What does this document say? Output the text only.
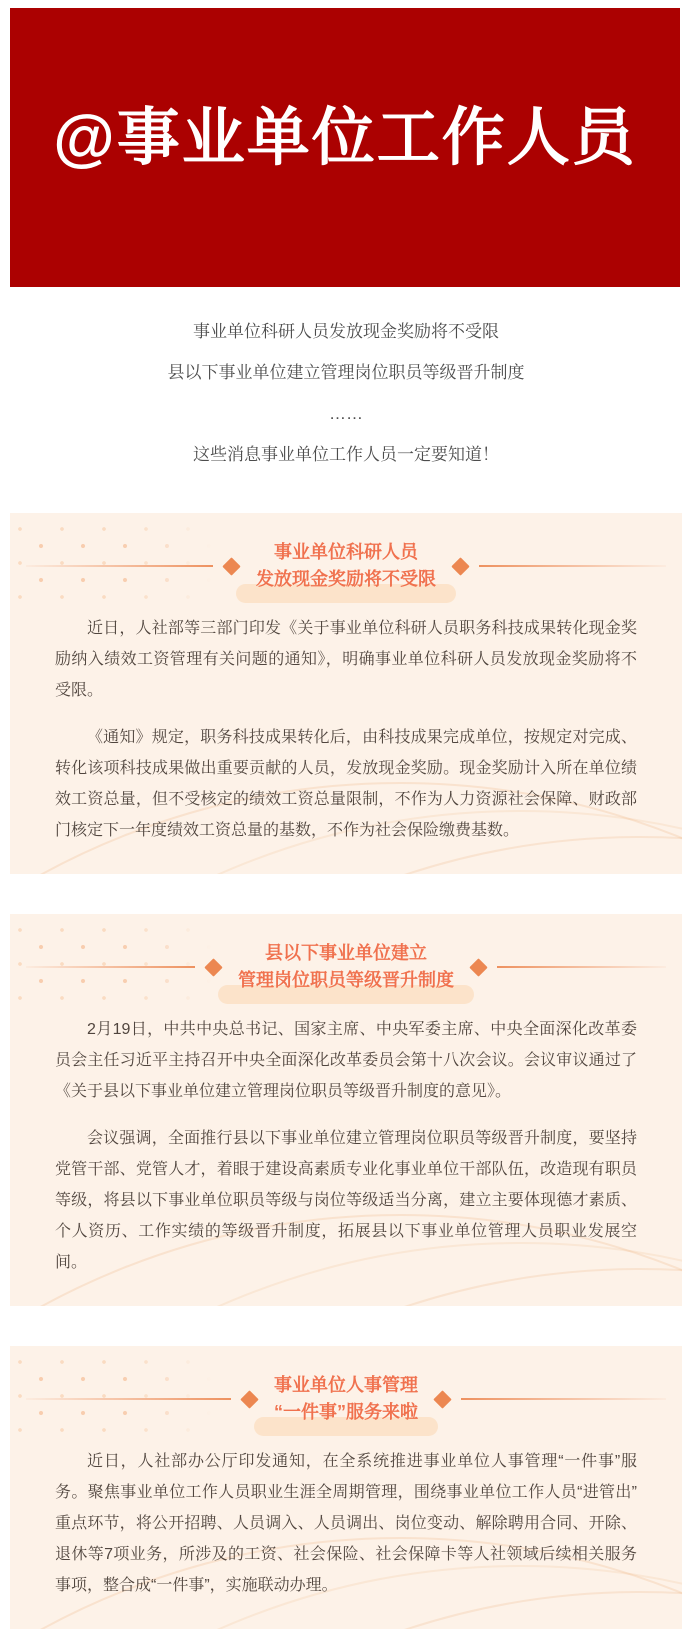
@事业单位工作人员

事业单位科研人员发放现金奖励将不受限

县以下事业单位建立管理岗位职员等级晋升制度

……

这些消息事业单位工作人员一定要知道！

事业单位科研人员
发放现金奖励将不受限

近日，人社部等三部门印发《关于事业单位科研人员职务科技成果转化现金奖励纳入绩效工资管理有关问题的通知》，明确事业单位科研人员发放现金奖励将不受限。

《通知》规定，职务科技成果转化后，由科技成果完成单位，按规定对完成、转化该项科技成果做出重要贡献的人员，发放现金奖励。现金奖励计入所在单位绩效工资总量，但不受核定的绩效工资总量限制，不作为人力资源社会保障、财政部门核定下一年度绩效工资总量的基数，不作为社会保险缴费基数。

县以下事业单位建立
管理岗位职员等级晋升制度

2月19日，中共中央总书记、国家主席、中央军委主席、中央全面深化改革委员会主任习近平主持召开中央全面深化改革委员会第十八次会议。会议审议通过了《关于县以下事业单位建立管理岗位职员等级晋升制度的意见》。

会议强调，全面推行县以下事业单位建立管理岗位职员等级晋升制度，要坚持党管干部、党管人才，着眼于建设高素质专业化事业单位干部队伍，改造现有职员等级，将县以下事业单位职员等级与岗位等级适当分离，建立主要体现德才素质、个人资历、工作实绩的等级晋升制度，拓展县以下事业单位管理人员职业发展空间。

事业单位人事管理
“一件事”服务来啦

近日，人社部办公厅印发通知，在全系统推进事业单位人事管理“一件事”服务。聚焦事业单位工作人员职业生涯全周期管理，围绕事业单位工作人员“进管出”重点环节，将公开招聘、人员调入、人员调出、岗位变动、解除聘用合同、开除、退休等7项业务，所涉及的工资、社会保险、社会保障卡等人社领域后续相关服务事项，整合成“一件事”，实施联动办理。
